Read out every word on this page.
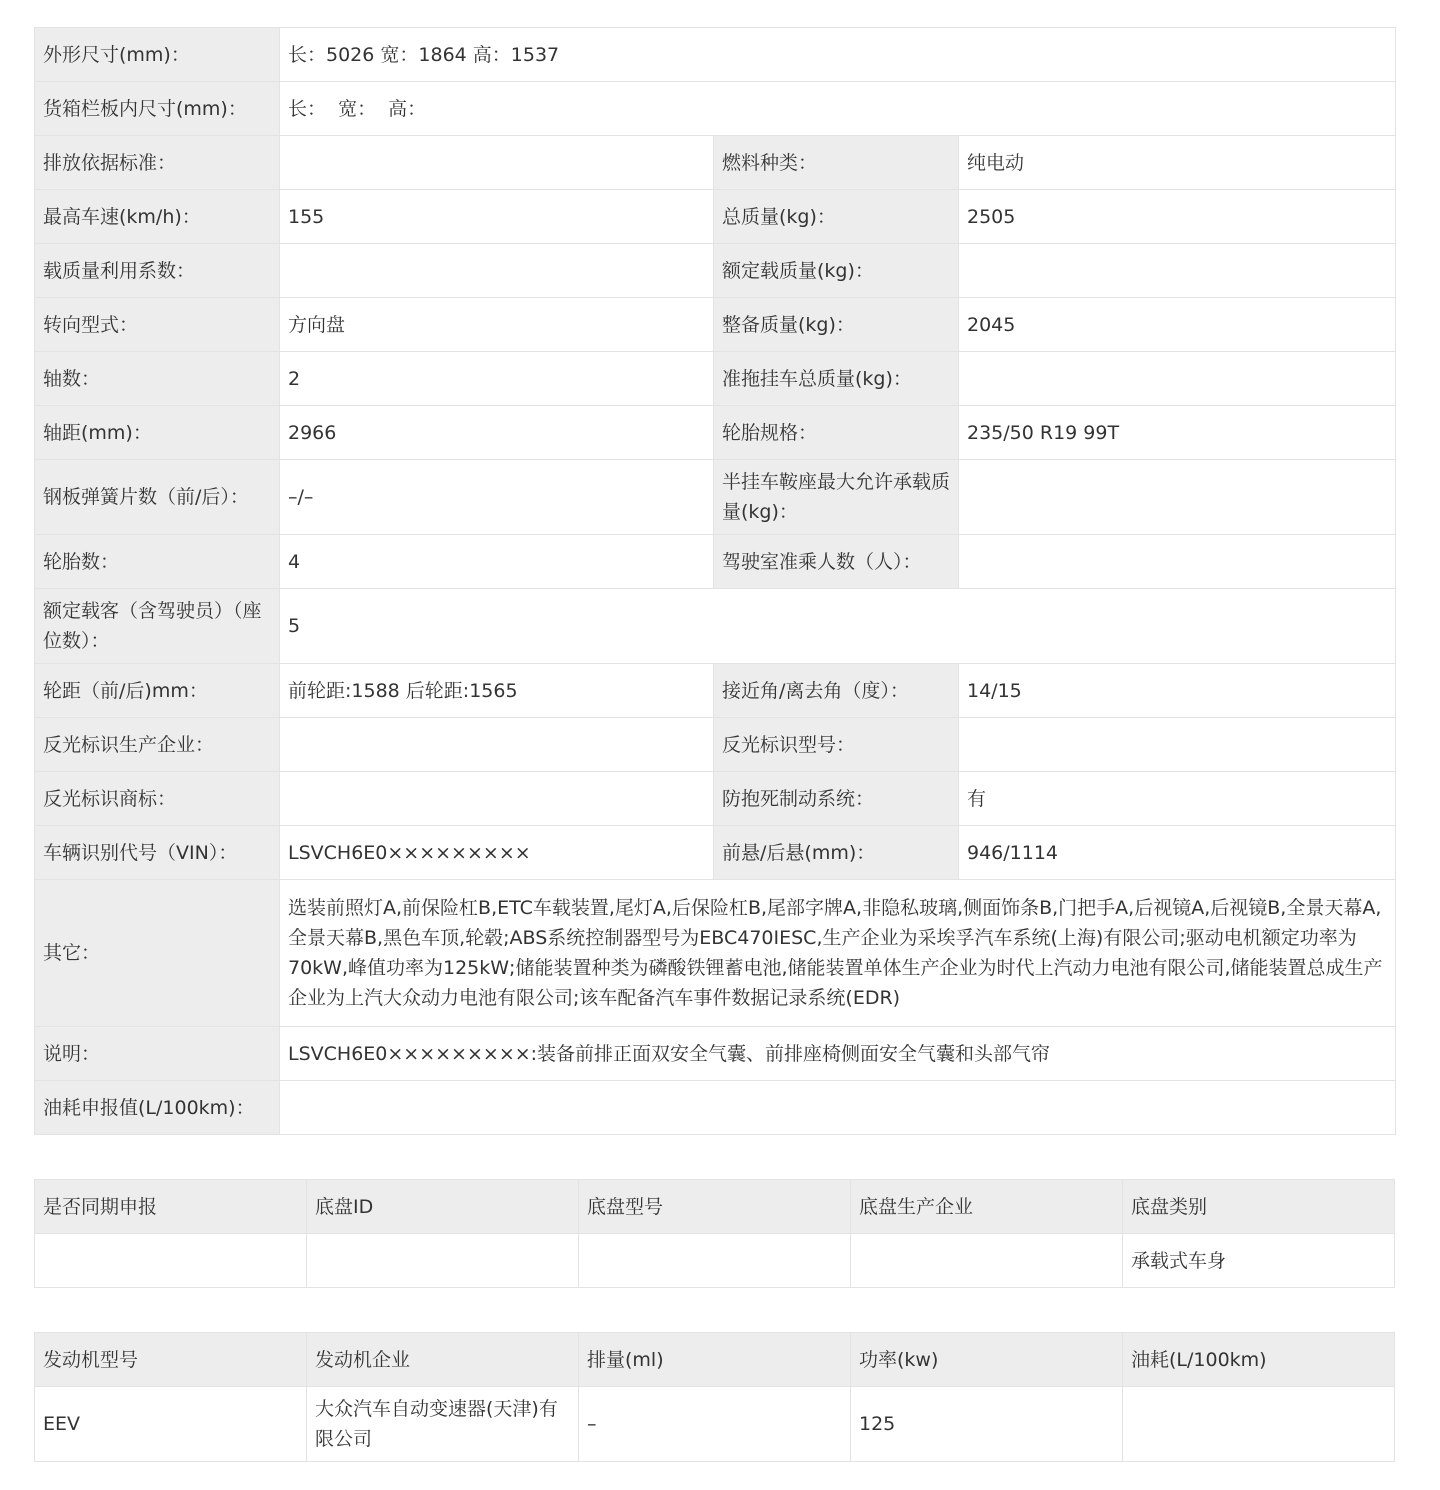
外形尺寸(mm)：	长：5026 宽：1864 高：1537		
货箱栏板内尺寸(mm)：	长：  宽：  高：		
排放依据标准：		燃料种类：	纯电动
最高车速(km/h)：	155	总质量(kg)：	2505
载质量利用系数：		额定载质量(kg)：	
转向型式：	方向盘	整备质量(kg)：	2045
轴数：	2	准拖挂车总质量(kg)：	
轴距(mm)：	2966	轮胎规格：	235/50 R19 99T
钢板弹簧片数（前/后）：	–/–	半挂车鞍座最大允许承载质量(kg)：	
轮胎数：	4	驾驶室准乘人数（人）：	
额定载客（含驾驶员）（座位数）：	5		
轮距（前/后)mm：	前轮距:1588 后轮距:1565	接近角/离去角（度）：	14/15
反光标识生产企业：		反光标识型号：	
反光标识商标：		防抱死制动系统：	有
车辆识别代号（VIN）：	LSVCH6E0×××××××××	前悬/后悬(mm)：	946/1114
其它：	选装前照灯A,前保险杠B,ETC车载装置,尾灯A,后保险杠B,尾部字牌A,非隐私玻璃,侧面饰条B,门把手A,后视镜A,后视镜B,全景天幕A,全景天幕B,黑色车顶,轮毂;ABS系统控制器型号为EBC470IESC,生产企业为采埃孚汽车系统(上海)有限公司;驱动电机额定功率为70kW,峰值功率为125kW;储能装置种类为磷酸铁锂蓄电池,储能装置单体生产企业为时代上汽动力电池有限公司,储能装置总成生产企业为上汽大众动力电池有限公司;该车配备汽车事件数据记录系统(EDR)		
说明：	LSVCH6E0×××××××××:装备前排正面双安全气囊、前排座椅侧面安全气囊和头部气帘		
油耗申报值(L/100km)：			
是否同期申报	底盘ID	底盘型号	底盘生产企业	底盘类别
				承载式车身
发动机型号	发动机企业	排量(ml)	功率(kw)	油耗(L/100km)
EEV	大众汽车自动变速器(天津)有限公司	–	125	
